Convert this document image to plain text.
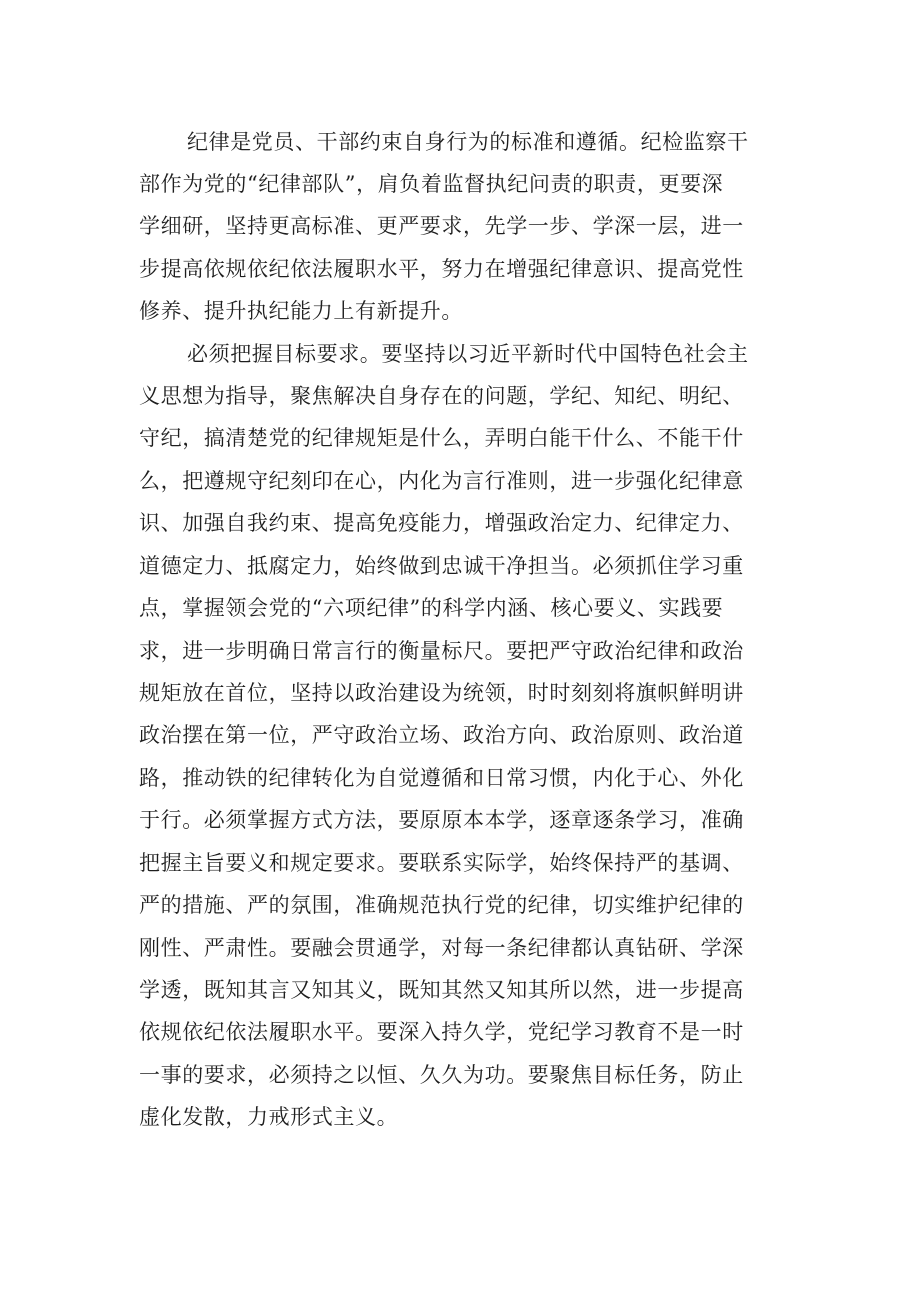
纪律是党员、干部约束自身行为的标准和遵循。纪检监察干

部作为党的“纪律部队”，肩负着监督执纪问责的职责，更要深

学细研，坚持更高标准、更严要求，先学一步、学深一层，进一

步提高依规依纪依法履职水平，努力在增强纪律意识、提高党性

修养、提升执纪能力上有新提升。

必须把握目标要求。要坚持以习近平新时代中国特色社会主

义思想为指导，聚焦解决自身存在的问题，学纪、知纪、明纪、

守纪，搞清楚党的纪律规矩是什么，弄明白能干什么、不能干什

么，把遵规守纪刻印在心，内化为言行准则，进一步强化纪律意

识、加强自我约束、提高免疫能力，增强政治定力、纪律定力、

道德定力、抵腐定力，始终做到忠诚干净担当。必须抓住学习重

点，掌握领会党的“六项纪律”的科学内涵、核心要义、实践要

求，进一步明确日常言行的衡量标尺。要把严守政治纪律和政治

规矩放在首位，坚持以政治建设为统领，时时刻刻将旗帜鲜明讲

政治摆在第一位，严守政治立场、政治方向、政治原则、政治道

路，推动铁的纪律转化为自觉遵循和日常习惯，内化于心、外化

于行。必须掌握方式方法，要原原本本学，逐章逐条学习，准确

把握主旨要义和规定要求。要联系实际学，始终保持严的基调、

严的措施、严的氛围，准确规范执行党的纪律，切实维护纪律的

刚性、严肃性。要融会贯通学，对每一条纪律都认真钻研、学深

学透，既知其言又知其义，既知其然又知其所以然，进一步提高

依规依纪依法履职水平。要深入持久学，党纪学习教育不是一时

一事的要求，必须持之以恒、久久为功。要聚焦目标任务，防止

虚化发散，力戒形式主义。
